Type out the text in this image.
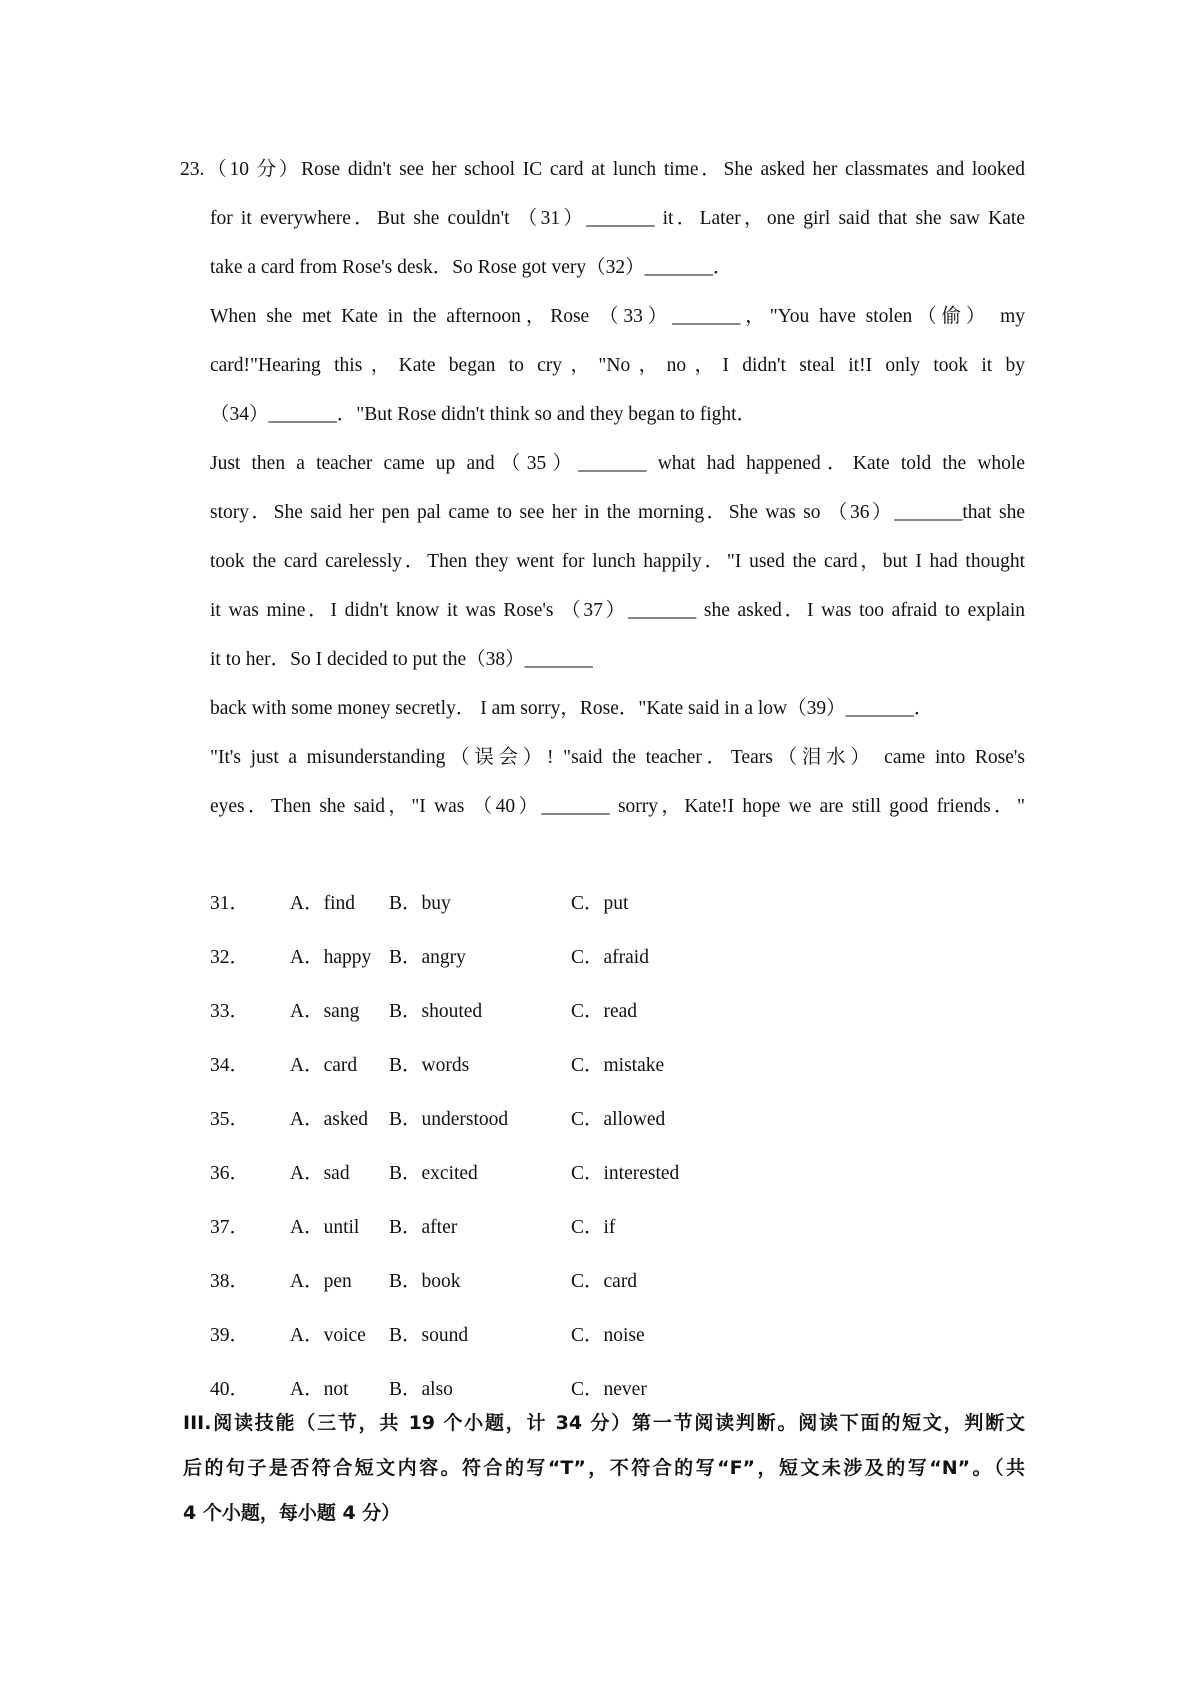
23.（10 分）Rose didn't see her school IC card at lunch time．She asked her classmates and looked
for it everywhere．But she couldn't （31）_______ it．Later，one girl said that she saw Kate
take a card from Rose's desk．So Rose got very（32）_______．
When she met Kate in the afternoon，Rose （33）_______，"You have stolen（偷） my
card!"Hearing this，Kate began to cry，"No，no，I didn't steal it!I only took it by
（34）_______．"But Rose didn't think so and they began to fight．
Just then a teacher came up and（35）_______ what had happened．Kate told the whole
story．She said her pen pal came to see her in the morning．She was so （36）_______that she
took the card carelessly．Then they went for lunch happily．"I used the card，but I had thought
it was mine．I didn't know it was Rose's （37）_______ she asked．I was too afraid to explain
it to her．So I decided to put the（38）_______
back with some money secretly． I am sorry，Rose．"Kate said in a low（39）_______．
"It's just a misunderstanding（误会）! "said the teacher．Tears（泪水） came into Rose's
eyes．Then she said，"I was （40）_______ sorry，Kate!I hope we are still good friends．"
31． A．find B．buy	C．put
32． A．happy B．angry	C．afraid
33． A．sang B．shouted	C．read
34． A．card B．words	C．mistake
35． A．asked B．understood	C．allowed
36． A．sad B．excited	C．interested
37． A．until B．after	C．if
38． A．pen B．book	C．card
39． A．voice B．sound	C．noise
40． A．not B．also	C．never
III.阅读技能（三节，共 19 个小题，计 34 分）第一节阅读判断。阅读下面的短文，判断文
后的句子是否符合短文内容。符合的写“T”，不符合的写“F”，短文未涉及的写“N”。（共
4 个小题，每小题 4 分）
